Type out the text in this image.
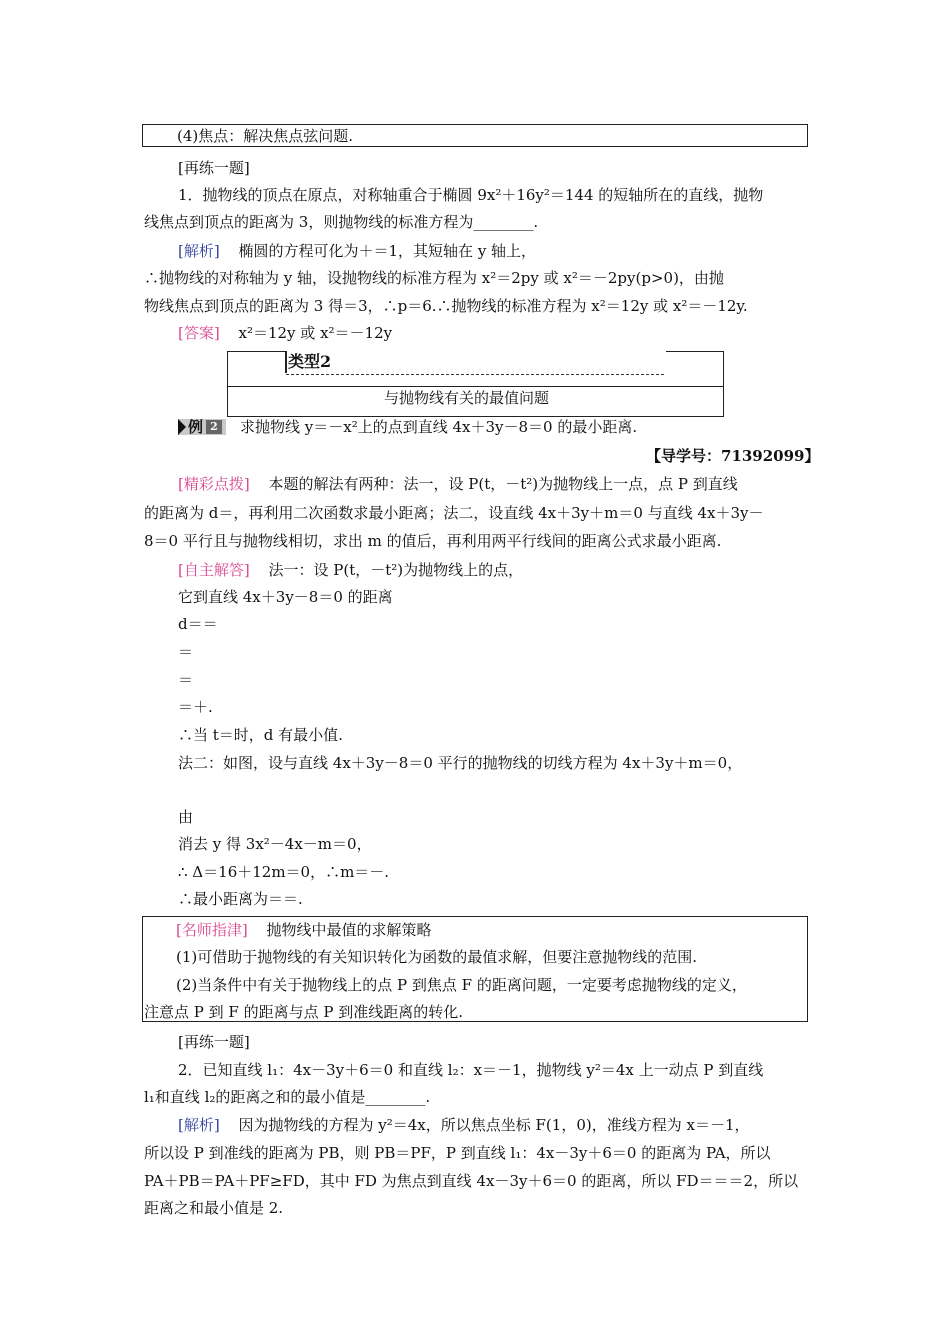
(4)焦点：解决焦点弦问题.
[再练一题]
1．抛物线的顶点在原点，对称轴重合于椭圆 9x²＋16y²＝144 的短轴所在的直线，抛物
线焦点到顶点的距离为 3，则抛物线的标准方程为________.
[解析] 椭圆的方程可化为＋＝1，其短轴在 y 轴上，
∴抛物线的对称轴为 y 轴，设抛物线的标准方程为 x²＝2py 或 x²＝－2py(p>0)，由抛
物线焦点到顶点的距离为 3 得＝3，∴p＝6.∴抛物线的标准方程为 x²＝12y 或 x²＝－12y.
[答案] x²＝12y 或 x²＝－12y
类型2
与抛物线有关的最值问题
例 2 求抛物线 y＝－x²上的点到直线 4x＋3y－8＝0 的最小距离.
【导学号：71392099】
[精彩点拨] 本题的解法有两种：法一，设 P(t，－t²)为抛物线上一点，点 P 到直线
的距离为 d＝，再利用二次函数求最小距离；法二，设直线 4x＋3y＋m＝0 与直线 4x＋3y－
8＝0 平行且与抛物线相切，求出 m 的值后，再利用两平行线间的距离公式求最小距离.
[自主解答] 法一：设 P(t，－t²)为抛物线上的点，
它到直线 4x＋3y－8＝0 的距离
d＝＝
＝
＝
＝＋.
∴当 t＝时，d 有最小值.
法二：如图，设与直线 4x＋3y－8＝0 平行的抛物线的切线方程为 4x＋3y＋m＝0，
由
消去 y 得 3x²－4x－m＝0，
∴ Δ＝16＋12m＝0，∴m＝－.
∴最小距离为＝＝.
[名师指津] 抛物线中最值的求解策略
(1)可借助于抛物线的有关知识转化为函数的最值求解，但要注意抛物线的范围.
(2)当条件中有关于抛物线上的点 P 到焦点 F 的距离问题，一定要考虑抛物线的定义，
注意点 P 到 F 的距离与点 P 到准线距离的转化.
[再练一题]
2．已知直线 l₁：4x－3y＋6＝0 和直线 l₂：x＝－1，抛物线 y²＝4x 上一动点 P 到直线
l₁和直线 l₂的距离之和的最小值是________.
[解析] 因为抛物线的方程为 y²＝4x，所以焦点坐标 F(1，0)，准线方程为 x＝－1，
所以设 P 到准线的距离为 PB，则 PB＝PF，P 到直线 l₁：4x－3y＋6＝0 的距离为 PA，所以
PA＋PB＝PA＋PF≥FD，其中 FD 为焦点到直线 4x－3y＋6＝0 的距离，所以 FD＝＝＝2，所以
距离之和最小值是 2.
